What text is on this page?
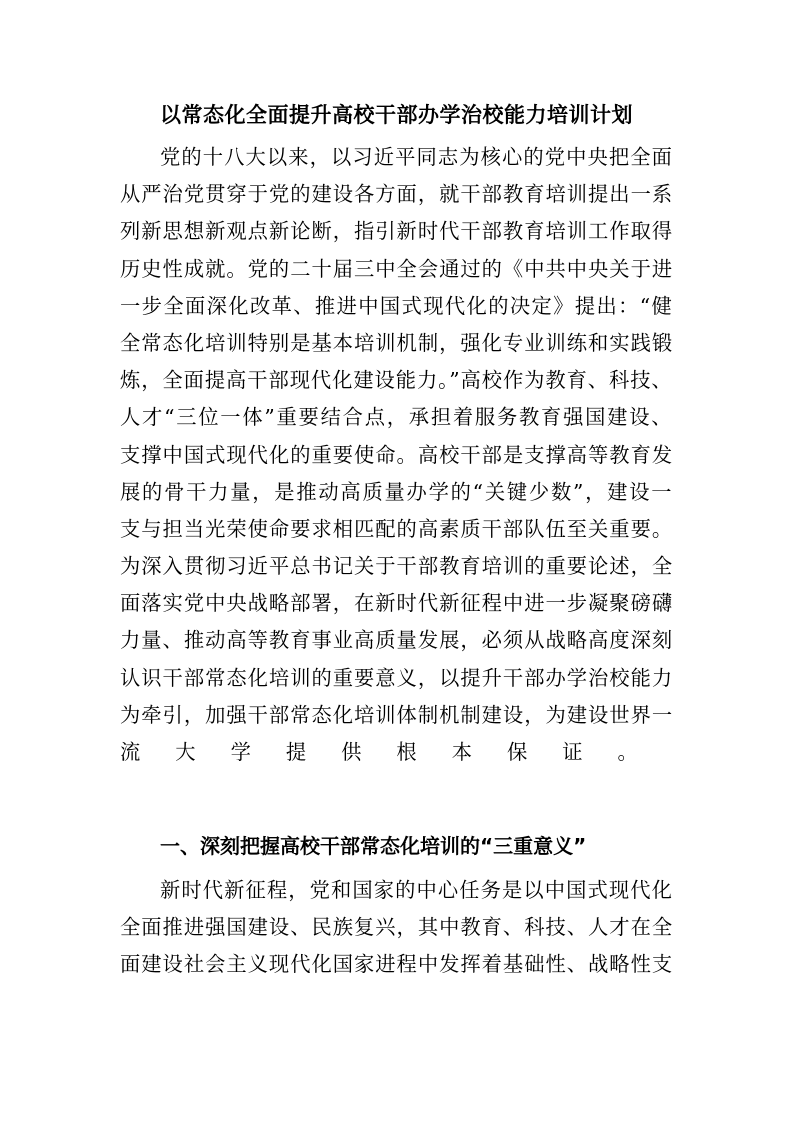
以常态化全面提升高校干部办学治校能力培训计划
党的十八大以来，以习近平同志为核心的党中央把全面
从严治党贯穿于党的建设各方面，就干部教育培训提出一系
列新思想新观点新论断，指引新时代干部教育培训工作取得
历史性成就。党的二十届三中全会通过的《中共中央关于进
一步全面深化改革、推进中国式现代化的决定》提出：“健
全常态化培训特别是基本培训机制，强化专业训练和实践锻
炼，全面提高干部现代化建设能力。”高校作为教育、科技、
人才“三位一体”重要结合点，承担着服务教育强国建设、
支撑中国式现代化的重要使命。高校干部是支撑高等教育发
展的骨干力量，是推动高质量办学的“关键少数”，建设一
支与担当光荣使命要求相匹配的高素质干部队伍至关重要。
为深入贯彻习近平总书记关于干部教育培训的重要论述，全
面落实党中央战略部署，在新时代新征程中进一步凝聚磅礴
力量、推动高等教育事业高质量发展，必须从战略高度深刻
认识干部常态化培训的重要意义，以提升干部办学治校能力
为牵引，加强干部常态化培训体制机制建设，为建设世界一
流大学提供根本保证。
一、深刻把握高校干部常态化培训的“三重意义”
新时代新征程，党和国家的中心任务是以中国式现代化
全面推进强国建设、民族复兴，其中教育、科技、人才在全
面建设社会主义现代化国家进程中发挥着基础性、战略性支
